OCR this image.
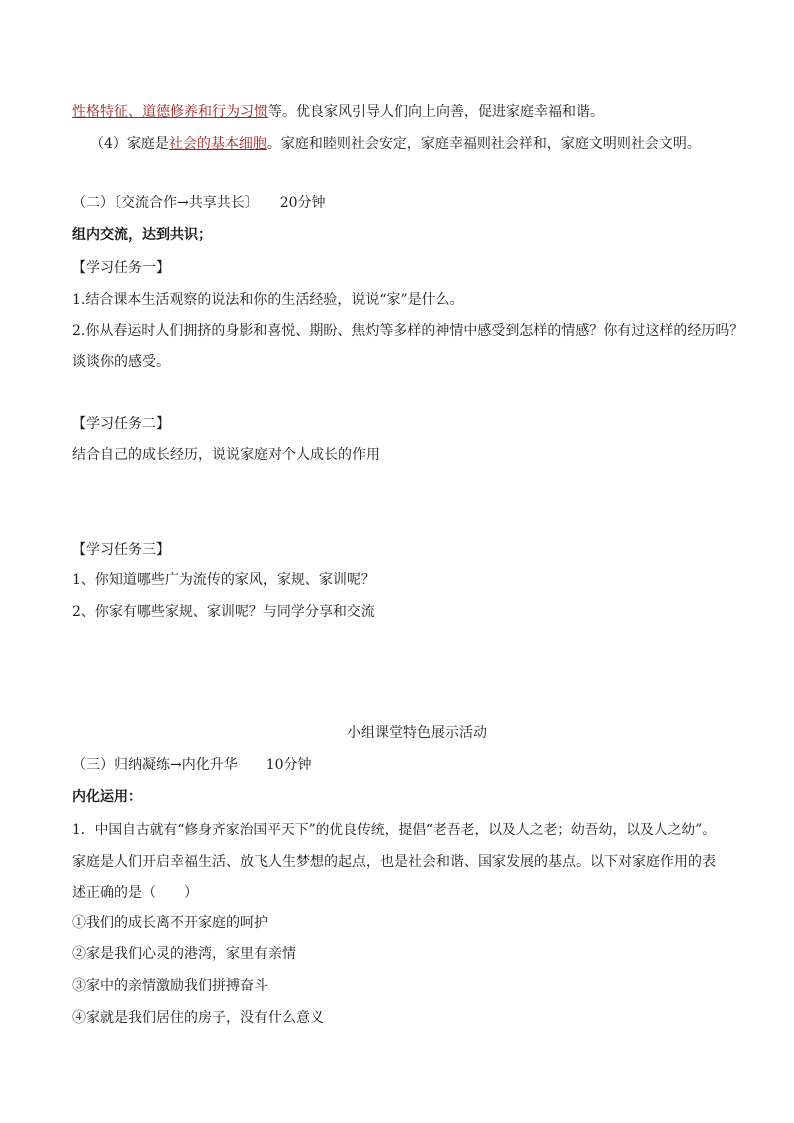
性格特征、道德修养和行为习惯等。优良家风引导人们向上向善，促进家庭幸福和谐。
（4）家庭是社会的基本细胞。家庭和睦则社会安定，家庭幸福则社会祥和，家庭文明则社会文明。
（二）〔交流合作→共享共长〕　　20分钟
组内交流，达到共识；
【学习任务一】
1.结合课本生活观察的说法和你的生活经验，说说“家”是什么。
2.你从春运时人们拥挤的身影和喜悦、期盼、焦灼等多样的神情中感受到怎样的情感？你有过这样的经历吗？
谈谈你的感受。
【学习任务二】
结合自己的成长经历，说说家庭对个人成长的作用
【学习任务三】
1、你知道哪些广为流传的家风，家规、家训呢？
2、你家有哪些家规、家训呢？与同学分享和交流
小组课堂特色展示活动
（三）归纳凝练→内化升华　　10分钟
内化运用：
1．中国自古就有“修身齐家治国平天下”的优良传统，提倡“老吾老，以及人之老；幼吾幼，以及人之幼”。
家庭是人们开启幸福生活、放飞人生梦想的起点，也是社会和谐、国家发展的基点。以下对家庭作用的表
述正确的是（　　）
①我们的成长离不开家庭的呵护
②家是我们心灵的港湾，家里有亲情
③家中的亲情激励我们拼搏奋斗
④家就是我们居住的房子，没有什么意义
